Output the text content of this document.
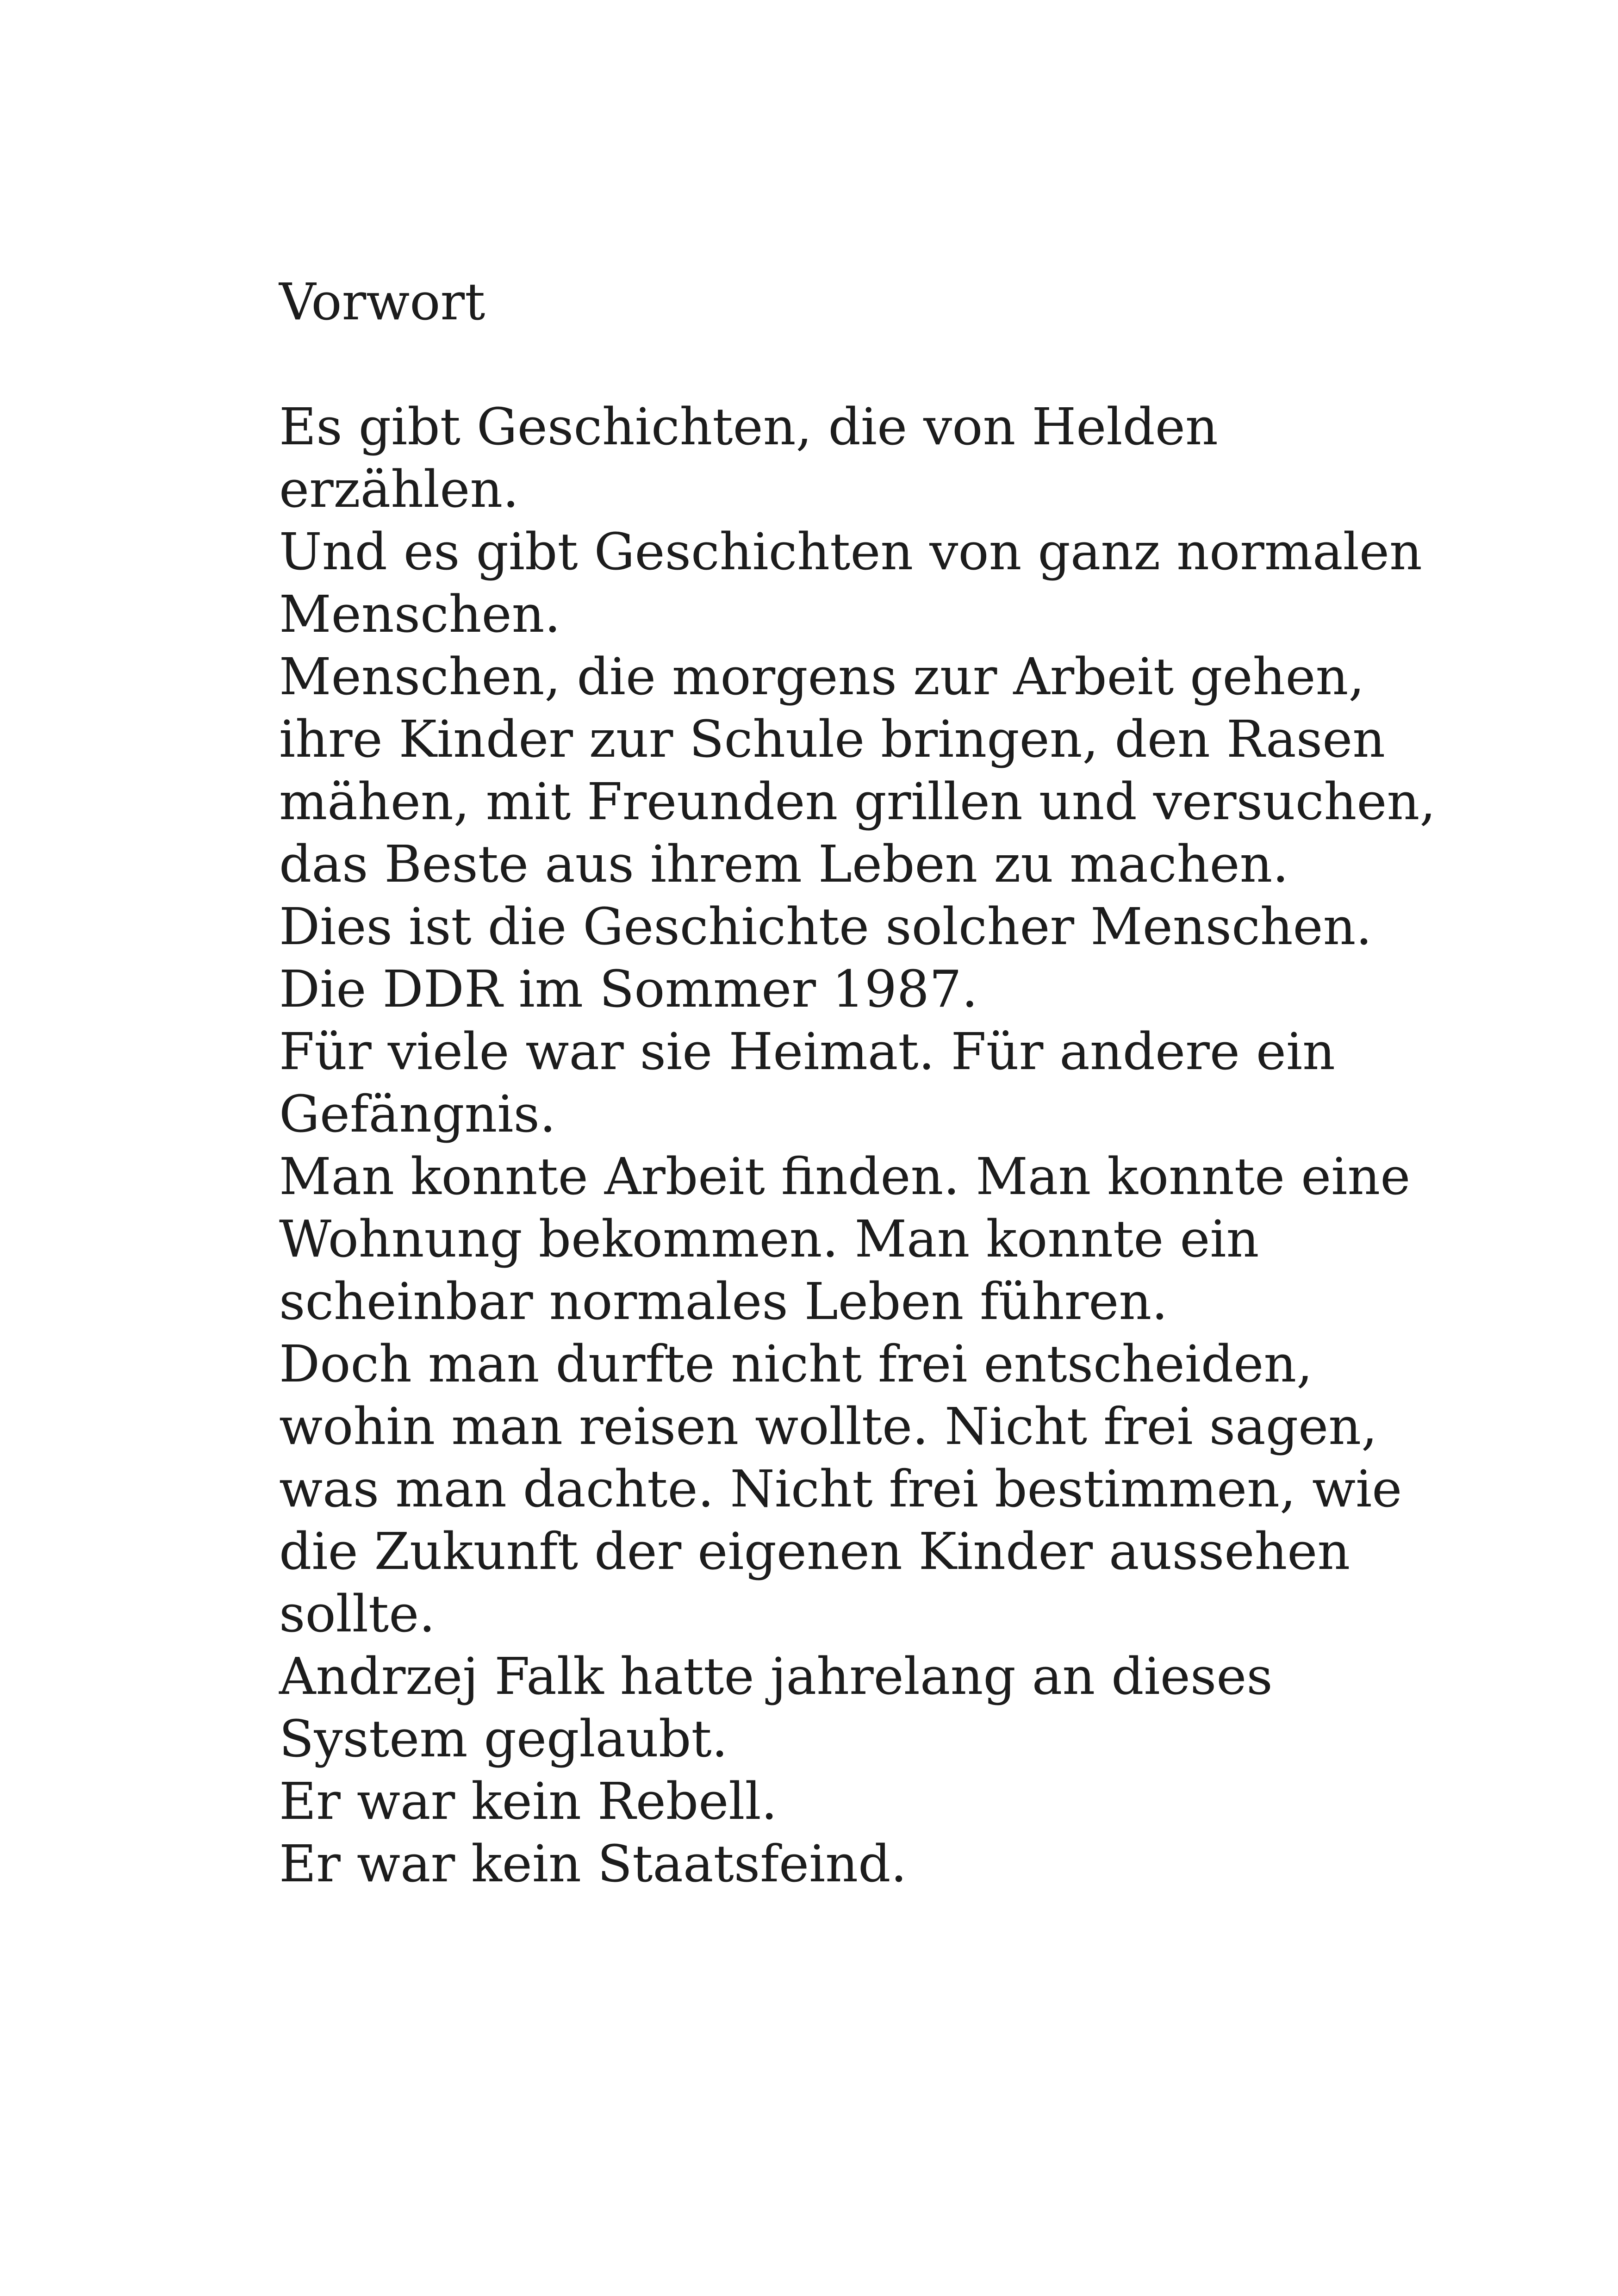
Vorwort

Es gibt Geschichten, die von Helden

erzählen.

Und es gibt Geschichten von ganz normalen

Menschen.

Menschen, die morgens zur Arbeit gehen,

ihre Kinder zur Schule bringen, den Rasen

mähen, mit Freunden grillen und versuchen,

das Beste aus ihrem Leben zu machen.

Dies ist die Geschichte solcher Menschen.

Die DDR im Sommer 1987.

Für viele war sie Heimat. Für andere ein

Gefängnis.

Man konnte Arbeit finden. Man konnte eine

Wohnung bekommen. Man konnte ein

scheinbar normales Leben führen.

Doch man durfte nicht frei entscheiden,

wohin man reisen wollte. Nicht frei sagen,

was man dachte. Nicht frei bestimmen, wie

die Zukunft der eigenen Kinder aussehen

sollte.

Andrzej Falk hatte jahrelang an dieses

System geglaubt.

Er war kein Rebell.

Er war kein Staatsfeind.
